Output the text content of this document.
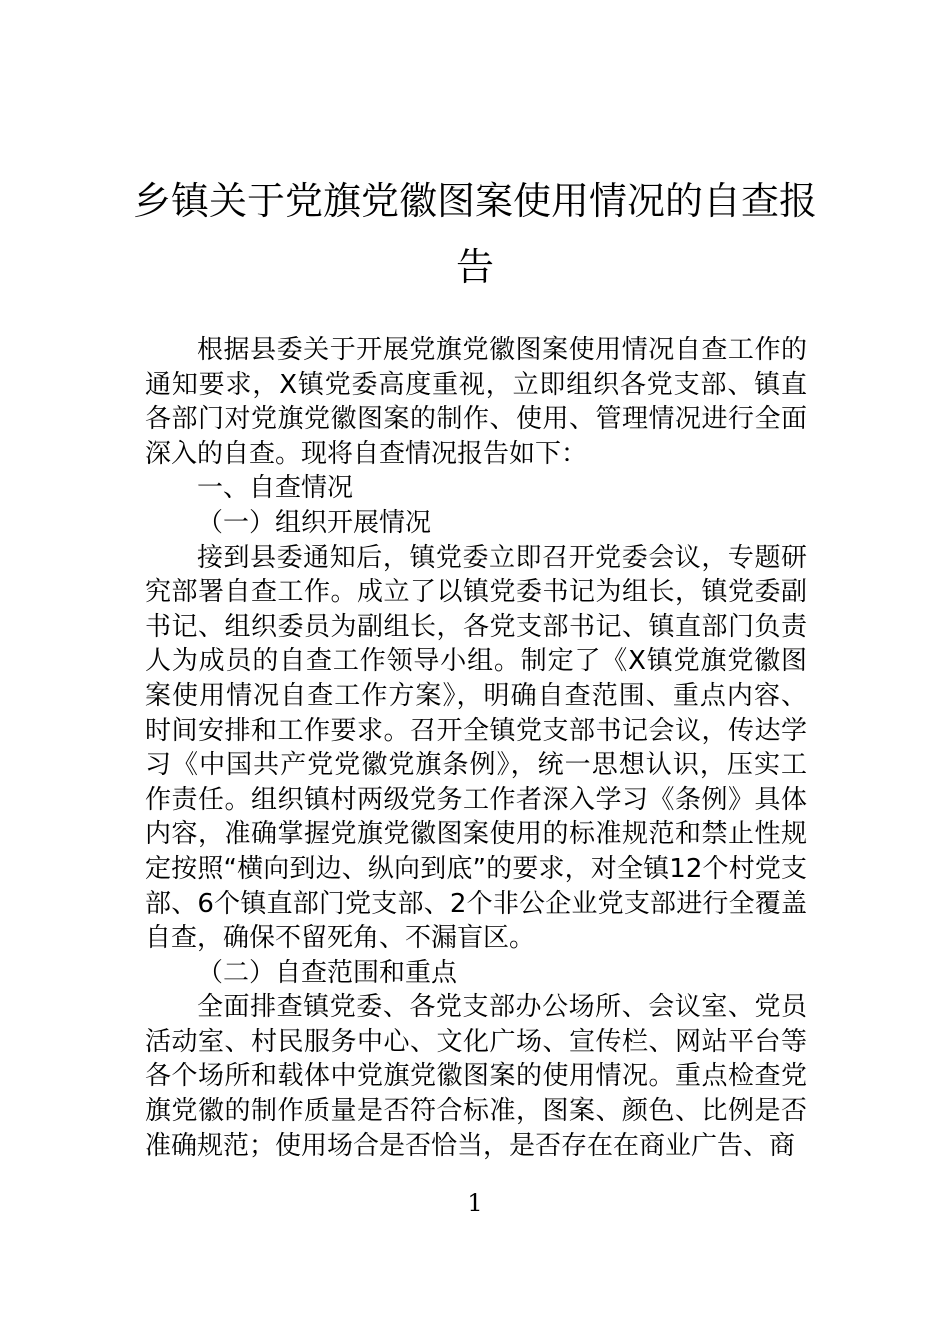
乡镇关于党旗党徽图案使用情况的自查报告

根据县委关于开展党旗党徽图案使用情况自查工作的通知要求，X镇党委高度重视，立即组织各党支部、镇直各部门对党旗党徽图案的制作、使用、管理情况进行全面深入的自查。现将自查情况报告如下：

一、自查情况

（一）组织开展情况

接到县委通知后，镇党委立即召开党委会议，专题研究部署自查工作。成立了以镇党委书记为组长，镇党委副书记、组织委员为副组长，各党支部书记、镇直部门负责人为成员的自查工作领导小组。制定了《X镇党旗党徽图案使用情况自查工作方案》，明确自查范围、重点内容、时间安排和工作要求。召开全镇党支部书记会议，传达学习《中国共产党党徽党旗条例》，统一思想认识，压实工作责任。组织镇村两级党务工作者深入学习《条例》具体内容，准确掌握党旗党徽图案使用的标准规范和禁止性规定按照“横向到边、纵向到底”的要求，对全镇12个村党支部、6个镇直部门党支部、2个非公企业党支部进行全覆盖自查，确保不留死角、不漏盲区。

（二）自查范围和重点

全面排查镇党委、各党支部办公场所、会议室、党员活动室、村民服务中心、文化广场、宣传栏、网站平台等各个场所和载体中党旗党徽图案的使用情况。重点检查党旗党徽的制作质量是否符合标准，图案、颜色、比例是否准确规范；使用场合是否恰当，是否存在在商业广告、商

1
